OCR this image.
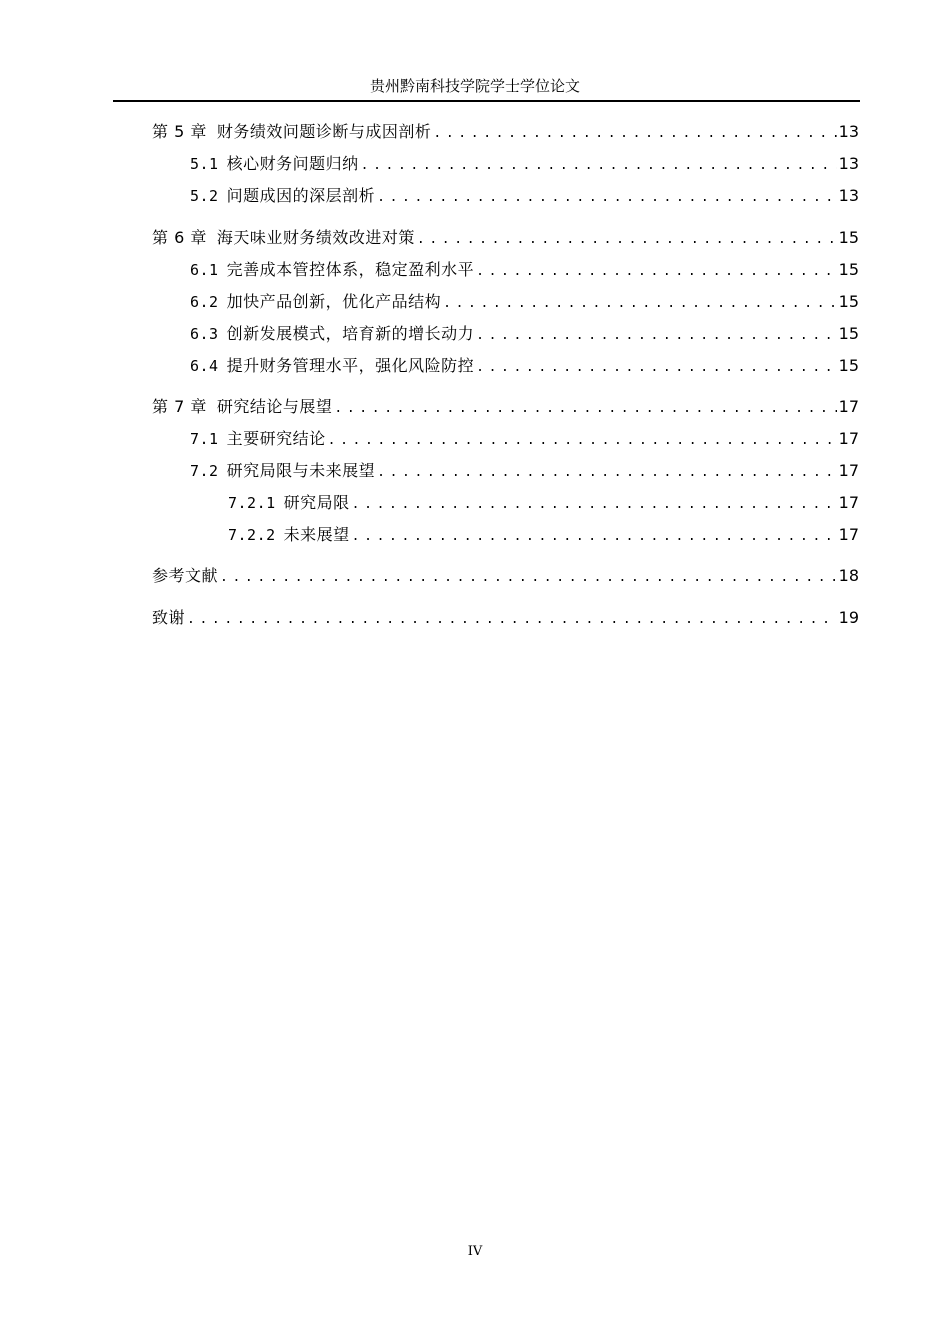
贵州黔南科技学院学士学位论文
第 5 章 财务绩效问题诊断与成因剖析 . . .	13
5.1 核心财务问题归纳 . . .	13
5.2 问题成因的深层剖析 . . .	13
第 6 章 海天味业财务绩效改进对策 . . .	15
6.1 完善成本管控体系，稳定盈利水平 . . .	15
6.2 加快产品创新，优化产品结构 . . .	15
6.3 创新发展模式，培育新的增长动力 . . .	15
6.4 提升财务管理水平，强化风险防控 . . .	15
第 7 章 研究结论与展望 . . .	17
7.1 主要研究结论 . . .	17
7.2 研究局限与未来展望 . . .	17
7.2.1 研究局限 . . .	17
7.2.2 未来展望 . . .	17
参考文献 . . .	18
致谢 . . .	19
IV
